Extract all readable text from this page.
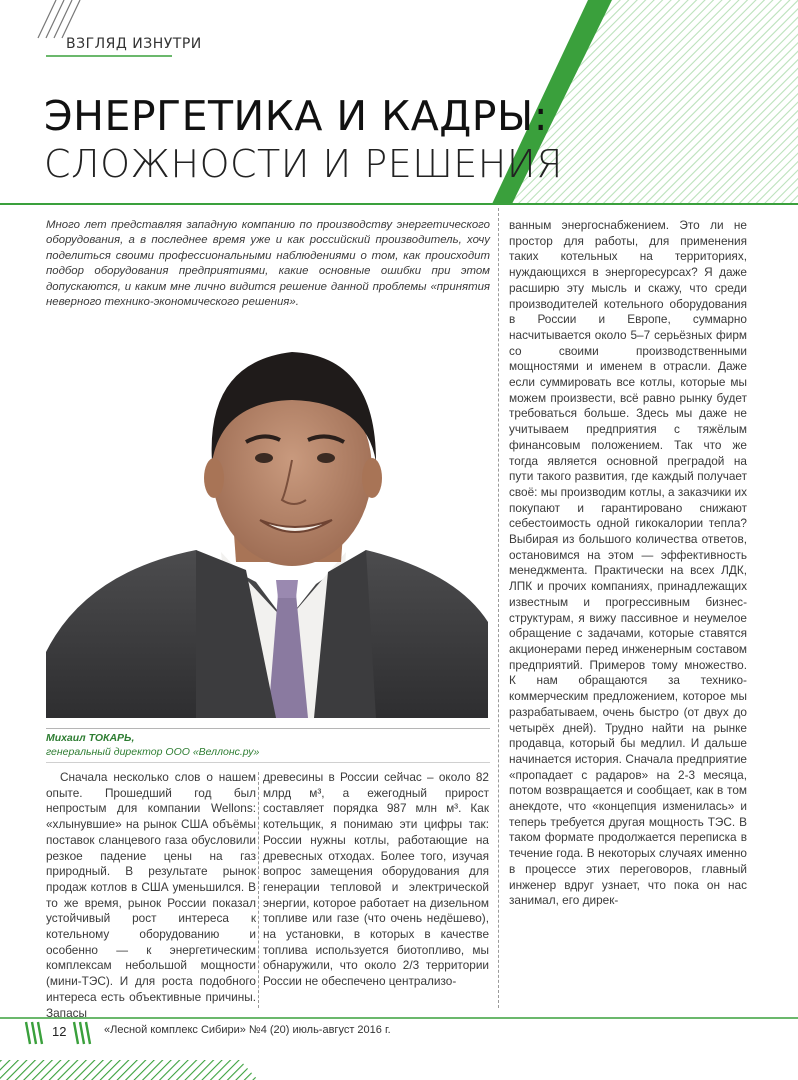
ВЗГЛЯД ИЗНУТРИ
ЭНЕРГЕТИКА И КАДРЫ:
СЛОЖНОСТИ И РЕШЕНИЯ

Много лет представляя западную компанию по производству энергетического оборудования, а в последнее время уже и как российский производитель, хочу поделиться своими профессиональными наблюдениями о том, как происходит подбор оборудования предприятиями, какие основные ошибки при этом допускаются, и каким мне лично видится решение данной проблемы «принятия неверного технико-экономического решения».

Михаил ТОКАРЬ,
генеральный директор ООО «Веллонс.ру»

Сначала несколько слов о нашем опыте. Прошедший год был непростым для компании Wellons: «хлынувшие» на рынок США объёмы поставок сланцевого газа обусловили резкое падение цены на газ природный. В результате рынок продаж котлов в США уменьшился. В то же время, рынок России показал устойчивый рост интереса к котельному оборудованию и особенно — к энергетическим комплексам небольшой мощности (мини-ТЭС). И для роста подобного интереса есть объективные причины. Запасы

древесины в России сейчас – около 82 млрд м³, а ежегодный прирост составляет порядка 987 млн м³. Как котельщик, я понимаю эти цифры так: России нужны котлы, работающие на древесных отходах. Более того, изучая вопрос замещения оборудования для генерации тепловой и электрической энергии, которое работает на дизельном топливе или газе (что очень недёшево), на установки, в которых в качестве топлива используется биотопливо, мы обнаружили, что около 2/3 территории России не обеспечено централизо-

ванным энергоснабжением. Это ли не простор для работы, для применения таких котельных на территориях, нуждающихся в энергоресурсах? Я даже расширю эту мысль и скажу, что среди производителей котельного оборудования в России и Европе, суммарно насчитывается около 5–7 серьёзных фирм со своими производственными мощностями и именем в отрасли. Даже если суммировать все котлы, которые мы можем произвести, всё равно рынку будет требоваться больше. Здесь мы даже не учитываем предприятия с тяжёлым финансовым положением. Так что же тогда является основной преградой на пути такого развития, где каждый получает своё: мы производим котлы, а заказчики их покупают и гарантировано снижают себестоимость одной гикокалории тепла? Выбирая из большого количества ответов, остановимся на этом — эффективность менеджмента. Практически на всех ЛДК, ЛПК и прочих компаниях, принадлежащих известным и прогрессивным бизнес-структурам, я вижу пассивное и неумелое обращение с задачами, которые ставятся акционерами перед инженерным составом предприятий. Примеров тому множество. К нам обращаются за технико-коммерческим предложением, которое мы разрабатываем, очень быстро (от двух до четырёх дней). Трудно найти на рынке продавца, который бы медлил. И дальше начинается история. Сначала предприятие «пропадает с радаров» на 2-3 месяца, потом возвращается и сообщает, как в том анекдоте, что «концепция изменилась» и теперь требуется другая мощность ТЭС. В таком формате продолжается переписка в течение года. В некоторых случаях именно в процессе этих переговоров, главный инженер вдруг узнает, что пока он нас занимал, его дирек-

12	«Лесной комплекс Сибири» №4 (20) июль-август 2016 г.
